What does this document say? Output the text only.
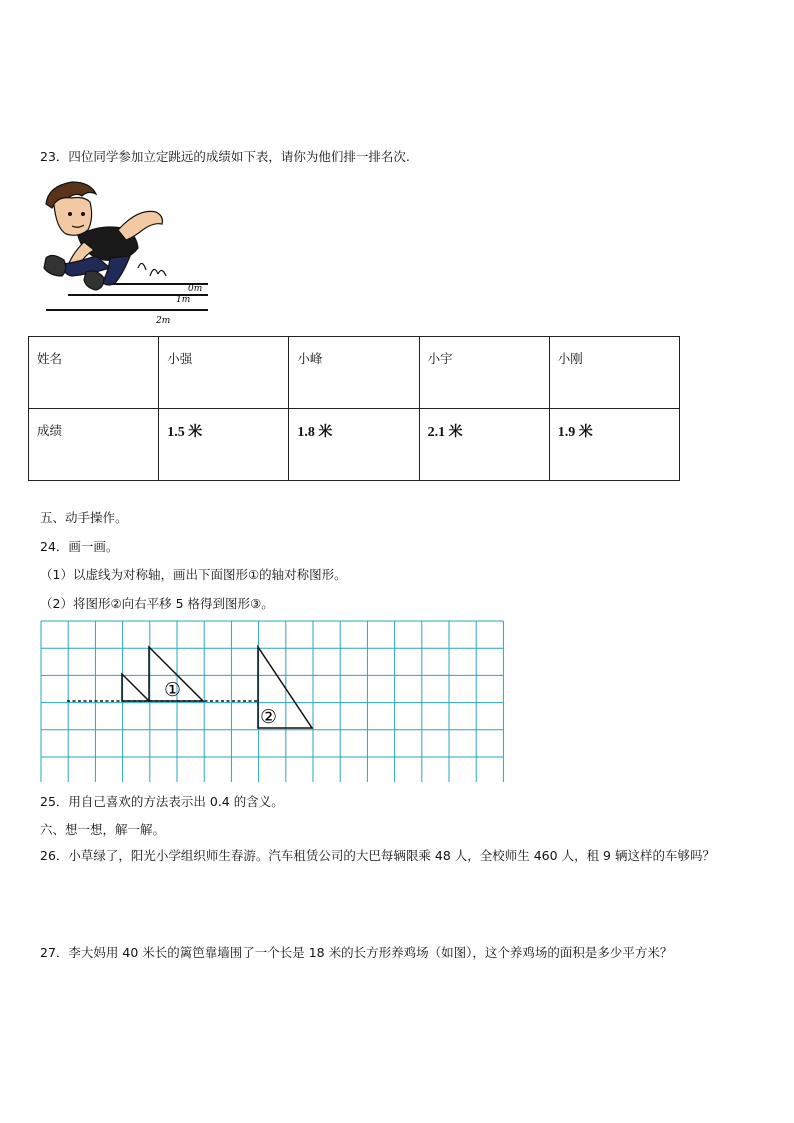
23．四位同学参加立定跳远的成绩如下表，请你为他们排一排名次.
0m
1m
2m
姓名	小强	小峰	小宇	小刚
成绩	1.5 米	1.8 米	2.1 米	1.9 米
五、动手操作。
24．画一画。
（1）以虚线为对称轴，画出下面图形①的轴对称图形。
（2）将图形②向右平移 5 格得到图形③。
①
②
25．用自己喜欢的方法表示出 0.4 的含义。
六、想一想，解一解。
26．小草绿了，阳光小学组织师生春游。汽车租赁公司的大巴每辆限乘 48 人，全校师生 460 人，租 9 辆这样的车够吗？
27．李大妈用 40 米长的篱笆靠墙围了一个长是 18 米的长方形养鸡场（如图），这个养鸡场的面积是多少平方米？
